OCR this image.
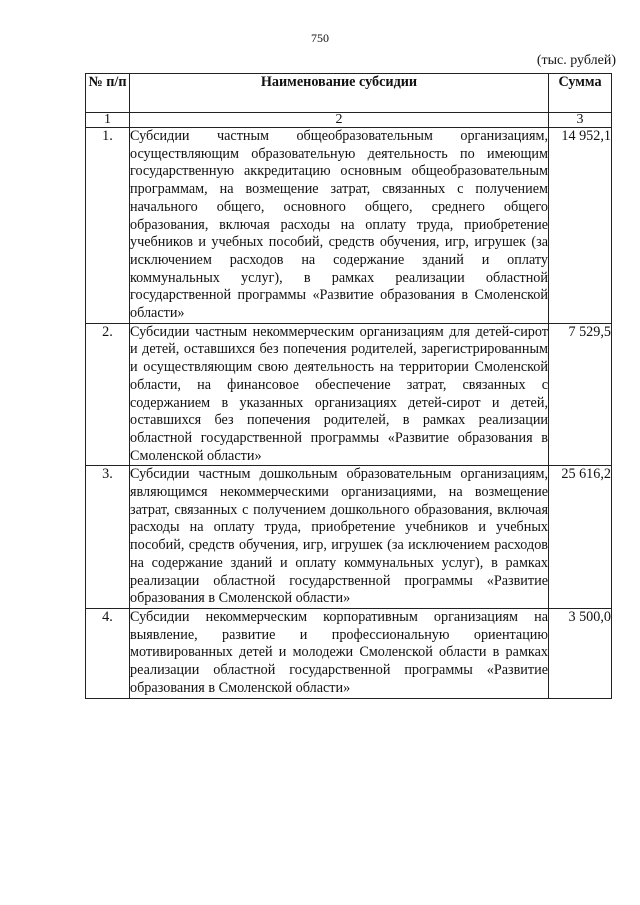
750
(тыс. рублей)
№ п/п	Наименование субсидии	Сумма
1	2	3
1.	Субсидии частным общеобразовательным организациям, осуществляющим образовательную деятельность по имеющим государственную аккредитацию основным общеобразовательным программам, на возмещение затрат, связанных с получением начального общего, основного общего, среднего общего образования, включая расходы на оплату труда, приобретение учебников и учебных пособий, средств обучения, игр, игрушек (за исключением расходов на содержание зданий и оплату коммунальных услуг), в рамках реализации областной государственной программы «Развитие образования в Смоленской области»	14 952,1
2.	Субсидии частным некоммерческим организациям для детей-сирот и детей, оставшихся без попечения родителей, зарегистрированным и осуществляющим свою деятельность на территории Смоленской области, на финансовое обеспечение затрат, связанных с содержанием в указанных организациях детей-сирот и детей, оставшихся без попечения родителей, в рамках реализации областной государственной программы «Развитие образования в Смоленской области»	7 529,5
3.	Субсидии частным дошкольным образовательным организациям, являющимся некоммерческими организациями, на возмещение затрат, связанных с получением дошкольного образования, включая расходы на оплату труда, приобретение учебников и учебных пособий, средств обучения, игр, игрушек (за исключением расходов на содержание зданий и оплату коммунальных услуг), в рамках реализации областной государственной программы «Развитие образования в Смоленской области»	25 616,2
4.	Субсидии некоммерческим корпоративным организациям на выявление, развитие и профессиональную ориентацию мотивированных детей и молодежи Смоленской области в рамках реализации областной государственной программы «Развитие образования в Смоленской области»	3 500,0
